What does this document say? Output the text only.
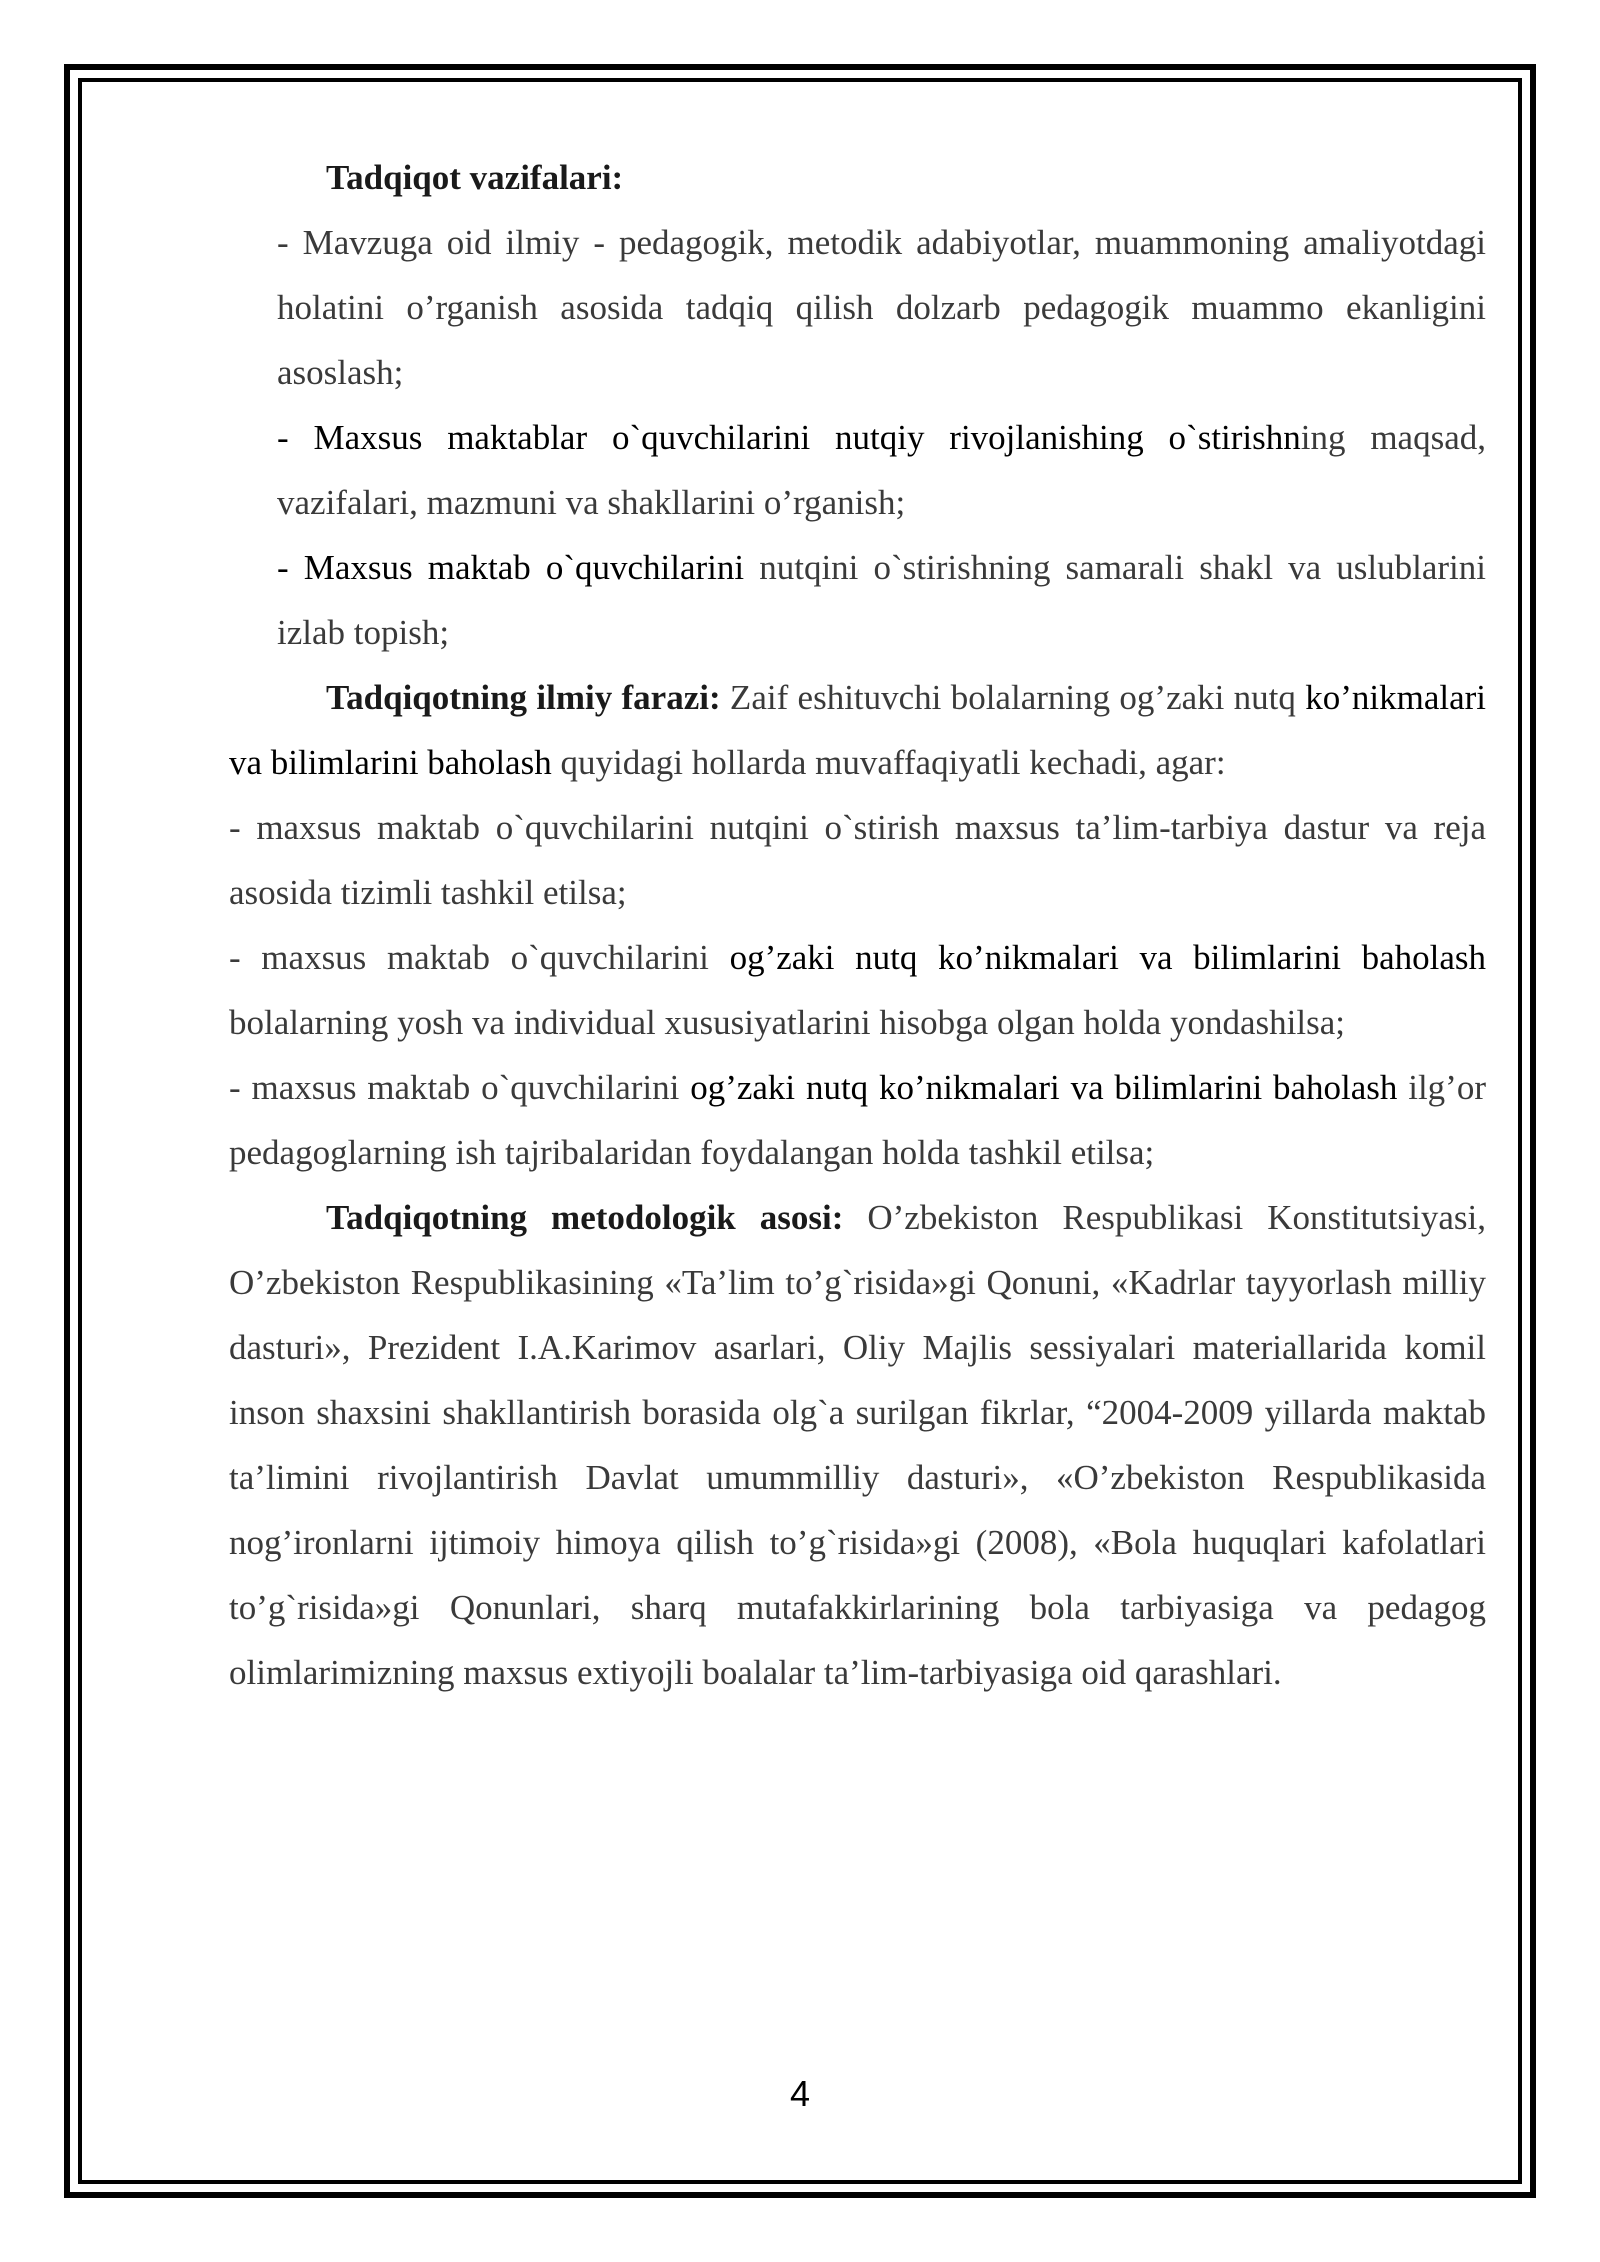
Tadqiqot vazifalari:

- Mavzuga oid ilmiy - pedagogik, metodik adabiyotlar, muammoning amaliyotdagi holatini o’rganish asosida tadqiq qilish dolzarb pedagogik muammo ekanligini asoslash;

- Maxsus maktablar o`quvchilarini nutqiy rivojlanishing o`stirishning maqsad, vazifalari, mazmuni va shakllarini o’rganish;

- Maxsus maktab o`quvchilarini nutqini o`stirishning samarali shakl va uslublarini izlab topish;

Tadqiqotning ilmiy farazi: Zaif eshituvchi bolalarning og’zaki nutq ko’nikmalari va bilimlarini baholash quyidagi hollarda muvaffaqiyatli kechadi, agar:

- maxsus maktab o`quvchilarini nutqini o`stirish maxsus ta’lim-tarbiya dastur va reja asosida tizimli tashkil etilsa;

- maxsus maktab o`quvchilarini og’zaki nutq ko’nikmalari va bilimlarini baholash bolalarning yosh va individual xususiyatlarini hisobga olgan holda yondashilsa;

- maxsus maktab o`quvchilarini og’zaki nutq ko’nikmalari va bilimlarini baholash ilg’or pedagoglarning ish tajribalaridan foydalangan holda tashkil etilsa;

Tadqiqotning metodologik asosi: O’zbekiston Respublikasi Konstitutsiyasi, O’zbekiston Respublikasining «Ta’lim to’g`risida»gi Qonuni, «Kadrlar tayyorlash milliy dasturi», Prezident I.A.Karimov asarlari, Oliy Majlis sessiyalari materiallarida komil inson shaxsini shakllantirish borasida olg`a surilgan fikrlar, “2004-2009 yillarda maktab ta’limini rivojlantirish Davlat umummilliy dasturi», «O’zbekiston Respublikasida nog’ironlarni ijtimoiy himoya qilish to’g`risida»gi (2008), «Bola huquqlari kafolatlari to’g`risida»gi Qonunlari, sharq mutafakkirlarining bola tarbiyasiga va pedagog olimlarimizning maxsus extiyojli boalalar ta’lim-tarbiyasiga oid qarashlari.

4
